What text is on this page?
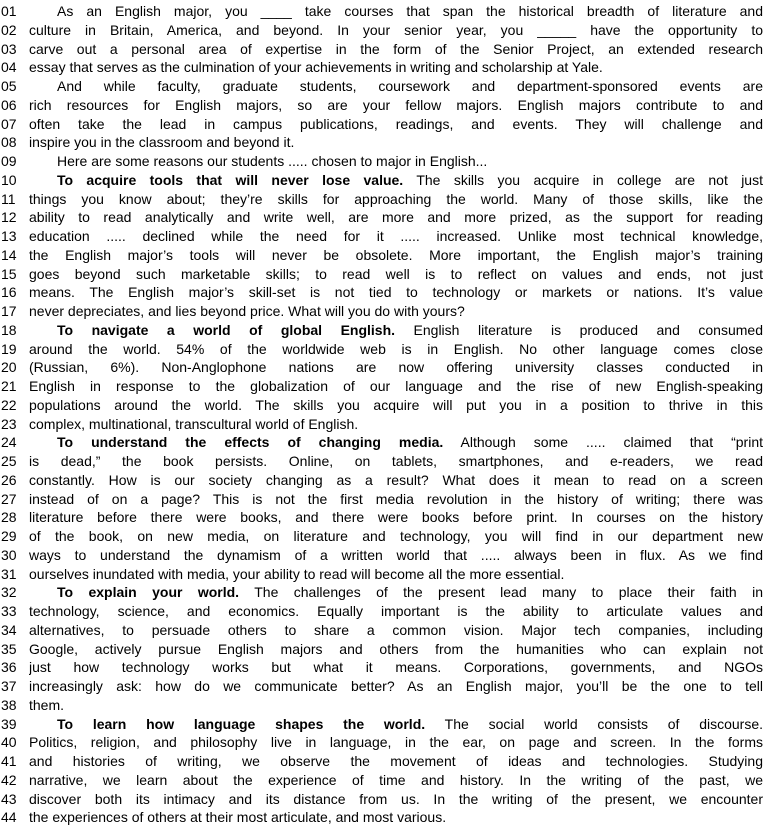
01	As an English major, you ____ take courses that span the historical breadth of literature and
02 culture in Britain, America, and beyond. In your senior year, you _____ have the opportunity to
03 carve out a personal area of expertise in the form of the Senior Project, an extended research
04 essay that serves as the culmination of your achievements in writing and scholarship at Yale.
05	And while faculty, graduate students, coursework and department-sponsored events are
06 rich resources for English majors, so are your fellow majors. English majors contribute to and
07 often take the lead in campus publications, readings, and events. They will challenge and
08 inspire you in the classroom and beyond it.
09	Here are some reasons our students ..... chosen to major in English...
10	To acquire tools that will never lose value. The skills you acquire in college are not just
11 things you know about; they’re skills for approaching the world. Many of those skills, like the
12 ability to read analytically and write well, are more and more prized, as the support for reading
13 education ..... declined while the need for it ..... increased. Unlike most technical knowledge,
14 the English major’s tools will never be obsolete. More important, the English major’s training
15 goes beyond such marketable skills; to read well is to reflect on values and ends, not just
16 means. The English major’s skill-set is not tied to technology or markets or nations. It’s value
17 never depreciates, and lies beyond price. What will you do with yours?
18	To navigate a world of global English. English literature is produced and consumed
19 around the world. 54% of the worldwide web is in English. No other language comes close
20 (Russian, 6%). Non-Anglophone nations are now offering university classes conducted in
21 English in response to the globalization of our language and the rise of new English-speaking
22 populations around the world. The skills you acquire will put you in a position to thrive in this
23 complex, multinational, transcultural world of English.
24	To understand the effects of changing media. Although some ..... claimed that “print
25 is dead,” the book persists. Online, on tablets, smartphones, and e-readers, we read
26 constantly. How is our society changing as a result? What does it mean to read on a screen
27 instead of on a page? This is not the first media revolution in the history of writing; there was
28 literature before there were books, and there were books before print. In courses on the history
29 of the book, on new media, on literature and technology, you will find in our department new
30 ways to understand the dynamism of a written world that ..... always been in flux. As we find
31 ourselves inundated with media, your ability to read will become all the more essential.
32	To explain your world. The challenges of the present lead many to place their faith in
33 technology, science, and economics. Equally important is the ability to articulate values and
34 alternatives, to persuade others to share a common vision. Major tech companies, including
35 Google, actively pursue English majors and others from the humanities who can explain not
36 just how technology works but what it means. Corporations, governments, and NGOs
37 increasingly ask: how do we communicate better? As an English major, you’ll be the one to tell
38 them.
39	To learn how language shapes the world. The social world consists of discourse.
40 Politics, religion, and philosophy live in language, in the ear, on page and screen. In the forms
41 and histories of writing, we observe the movement of ideas and technologies. Studying
42 narrative, we learn about the experience of time and history. In the writing of the past, we
43 discover both its intimacy and its distance from us. In the writing of the present, we encounter
44 the experiences of others at their most articulate, and most various.
